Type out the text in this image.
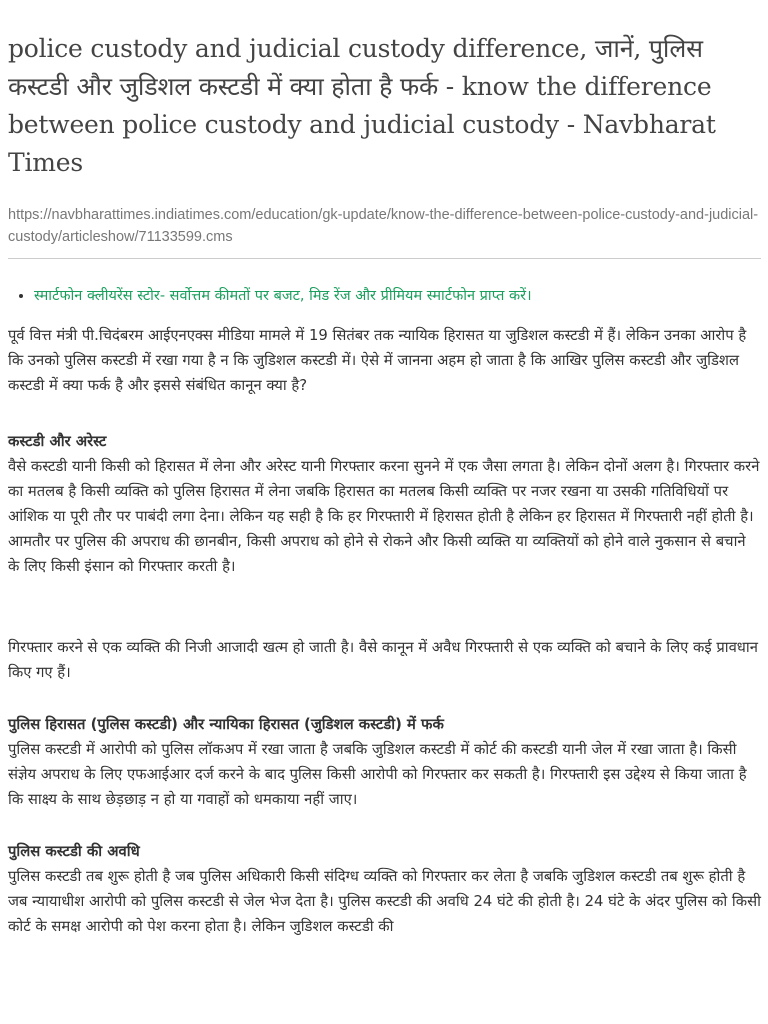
police custody and judicial custody difference, जानें, पुलिस कस्टडी और जुडिशल कस्टडी में क्या होता है फर्क - know the difference between police custody and judicial custody - Navbharat Times
https://navbharattimes.indiatimes.com/education/gk-update/know-the-difference-between-police-custody-and-judicial-custody/articleshow/71133599.cms
• स्मार्टफोन क्लीयरेंस स्टोर- सर्वोत्तम कीमतों पर बजट, मिड रेंज और प्रीमियम स्मार्टफोन प्राप्त करें।

पूर्व वित्त मंत्री पी.चिदंबरम आईएनएक्स मीडिया मामले में 19 सितंबर तक न्यायिक हिरासत या जुडिशल कस्टडी में हैं। लेकिन उनका आरोप है कि उनको पुलिस कस्टडी में रखा गया है न कि जुडिशल कस्टडी में। ऐसे में जानना अहम हो जाता है कि आखिर पुलिस कस्टडी और जुडिशल कस्टडी में क्या फर्क है और इससे संबंधित कानून क्या है?

कस्टडी और अरेस्ट

वैसे कस्टडी यानी किसी को हिरासत में लेना और अरेस्ट यानी गिरफ्तार करना सुनने में एक जैसा लगता है। लेकिन दोनों अलग है। गिरफ्तार करने का मतलब है किसी व्यक्ति को पुलिस हिरासत में लेना जबकि हिरासत का मतलब किसी व्यक्ति पर नजर रखना या उसकी गतिविधियों पर आंशिक या पूरी तौर पर पाबंदी लगा देना। लेकिन यह सही है कि हर गिरफ्तारी में हिरासत होती है लेकिन हर हिरासत में गिरफ्तारी नहीं होती है। आमतौर पर पुलिस की अपराध की छानबीन, किसी अपराध को होने से रोकने और किसी व्यक्ति या व्यक्तियों को होने वाले नुकसान से बचाने के लिए किसी इंसान को गिरफ्तार करती है।

गिरफ्तार करने से एक व्यक्ति की निजी आजादी खत्म हो जाती है। वैसे कानून में अवैध गिरफ्तारी से एक व्यक्ति को बचाने के लिए कई प्रावधान किए गए हैं।

पुलिस हिरासत (पुलिस कस्टडी) और न्यायिका हिरासत (जुडिशल कस्टडी) में फर्क

पुलिस कस्टडी में आरोपी को पुलिस लॉकअप में रखा जाता है जबकि जुडिशल कस्टडी में कोर्ट की कस्टडी यानी जेल में रखा जाता है। किसी संज्ञेय अपराध के लिए एफआईआर दर्ज करने के बाद पुलिस किसी आरोपी को गिरफ्तार कर सकती है। गिरफ्तारी इस उद्देश्य से किया जाता है कि साक्ष्य के साथ छेड़छाड़ न हो या गवाहों को धमकाया नहीं जाए।

पुलिस कस्टडी की अवधि

पुलिस कस्टडी तब शुरू होती है जब पुलिस अधिकारी किसी संदिग्ध व्यक्ति को गिरफ्तार कर लेता है जबकि जुडिशल कस्टडी तब शुरू होती है जब न्यायाधीश आरोपी को पुलिस कस्टडी से जेल भेज देता है। पुलिस कस्टडी की अवधि 24 घंटे की होती है। 24 घंटे के अंदर पुलिस को किसी कोर्ट के समक्ष आरोपी को पेश करना होता है। लेकिन जुडिशल कस्टडी की
